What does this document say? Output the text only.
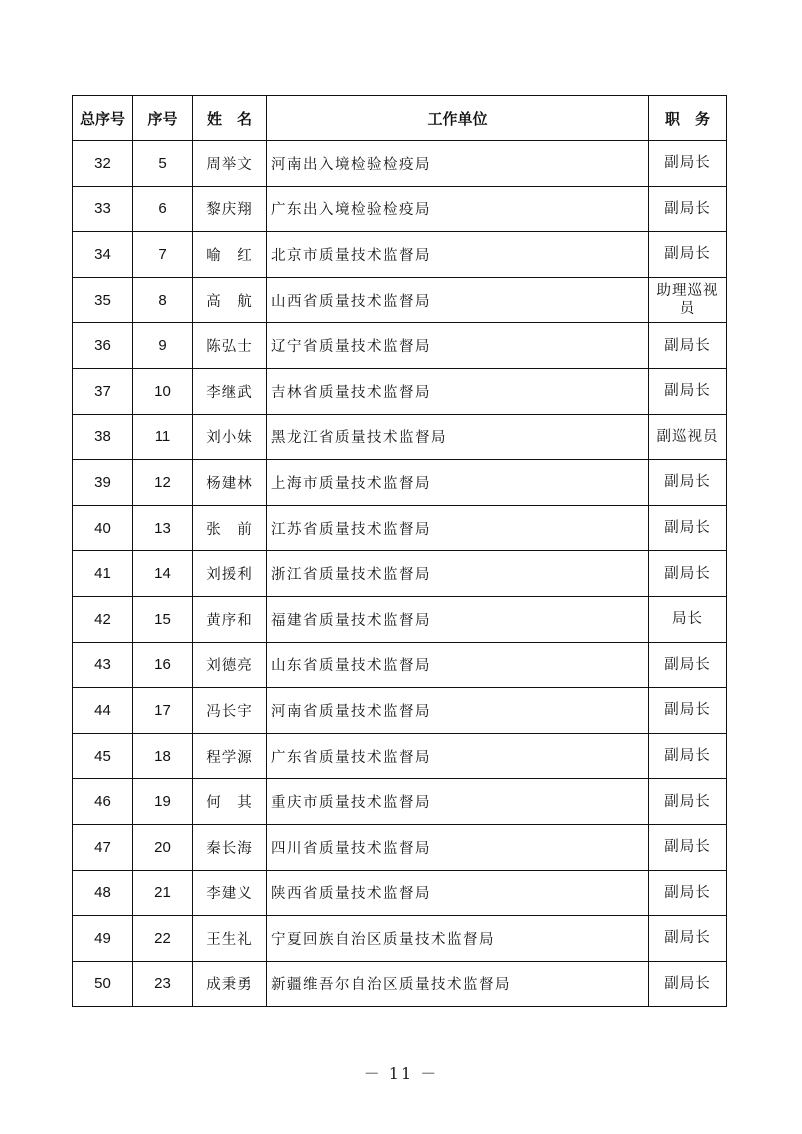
总序号	序号	姓　名	工作单位	职　务
32	5	周举文	河南出入境检验检疫局	副局长
33	6	黎庆翔	广东出入境检验检疫局	副局长
34	7	喻　红	北京市质量技术监督局	副局长
35	8	高　航	山西省质量技术监督局	助理巡视员
36	9	陈弘士	辽宁省质量技术监督局	副局长
37	10	李继武	吉林省质量技术监督局	副局长
38	11	刘小妹	黑龙江省质量技术监督局	副巡视员
39	12	杨建林	上海市质量技术监督局	副局长
40	13	张　前	江苏省质量技术监督局	副局长
41	14	刘援利	浙江省质量技术监督局	副局长
42	15	黄序和	福建省质量技术监督局	局长
43	16	刘德亮	山东省质量技术监督局	副局长
44	17	冯长宇	河南省质量技术监督局	副局长
45	18	程学源	广东省质量技术监督局	副局长
46	19	何　其	重庆市质量技术监督局	副局长
47	20	秦长海	四川省质量技术监督局	副局长
48	21	李建义	陕西省质量技术监督局	副局长
49	22	王生礼	宁夏回族自治区质量技术监督局	副局长
50	23	成秉勇	新疆维吾尔自治区质量技术监督局	副局长
－ 11 －
